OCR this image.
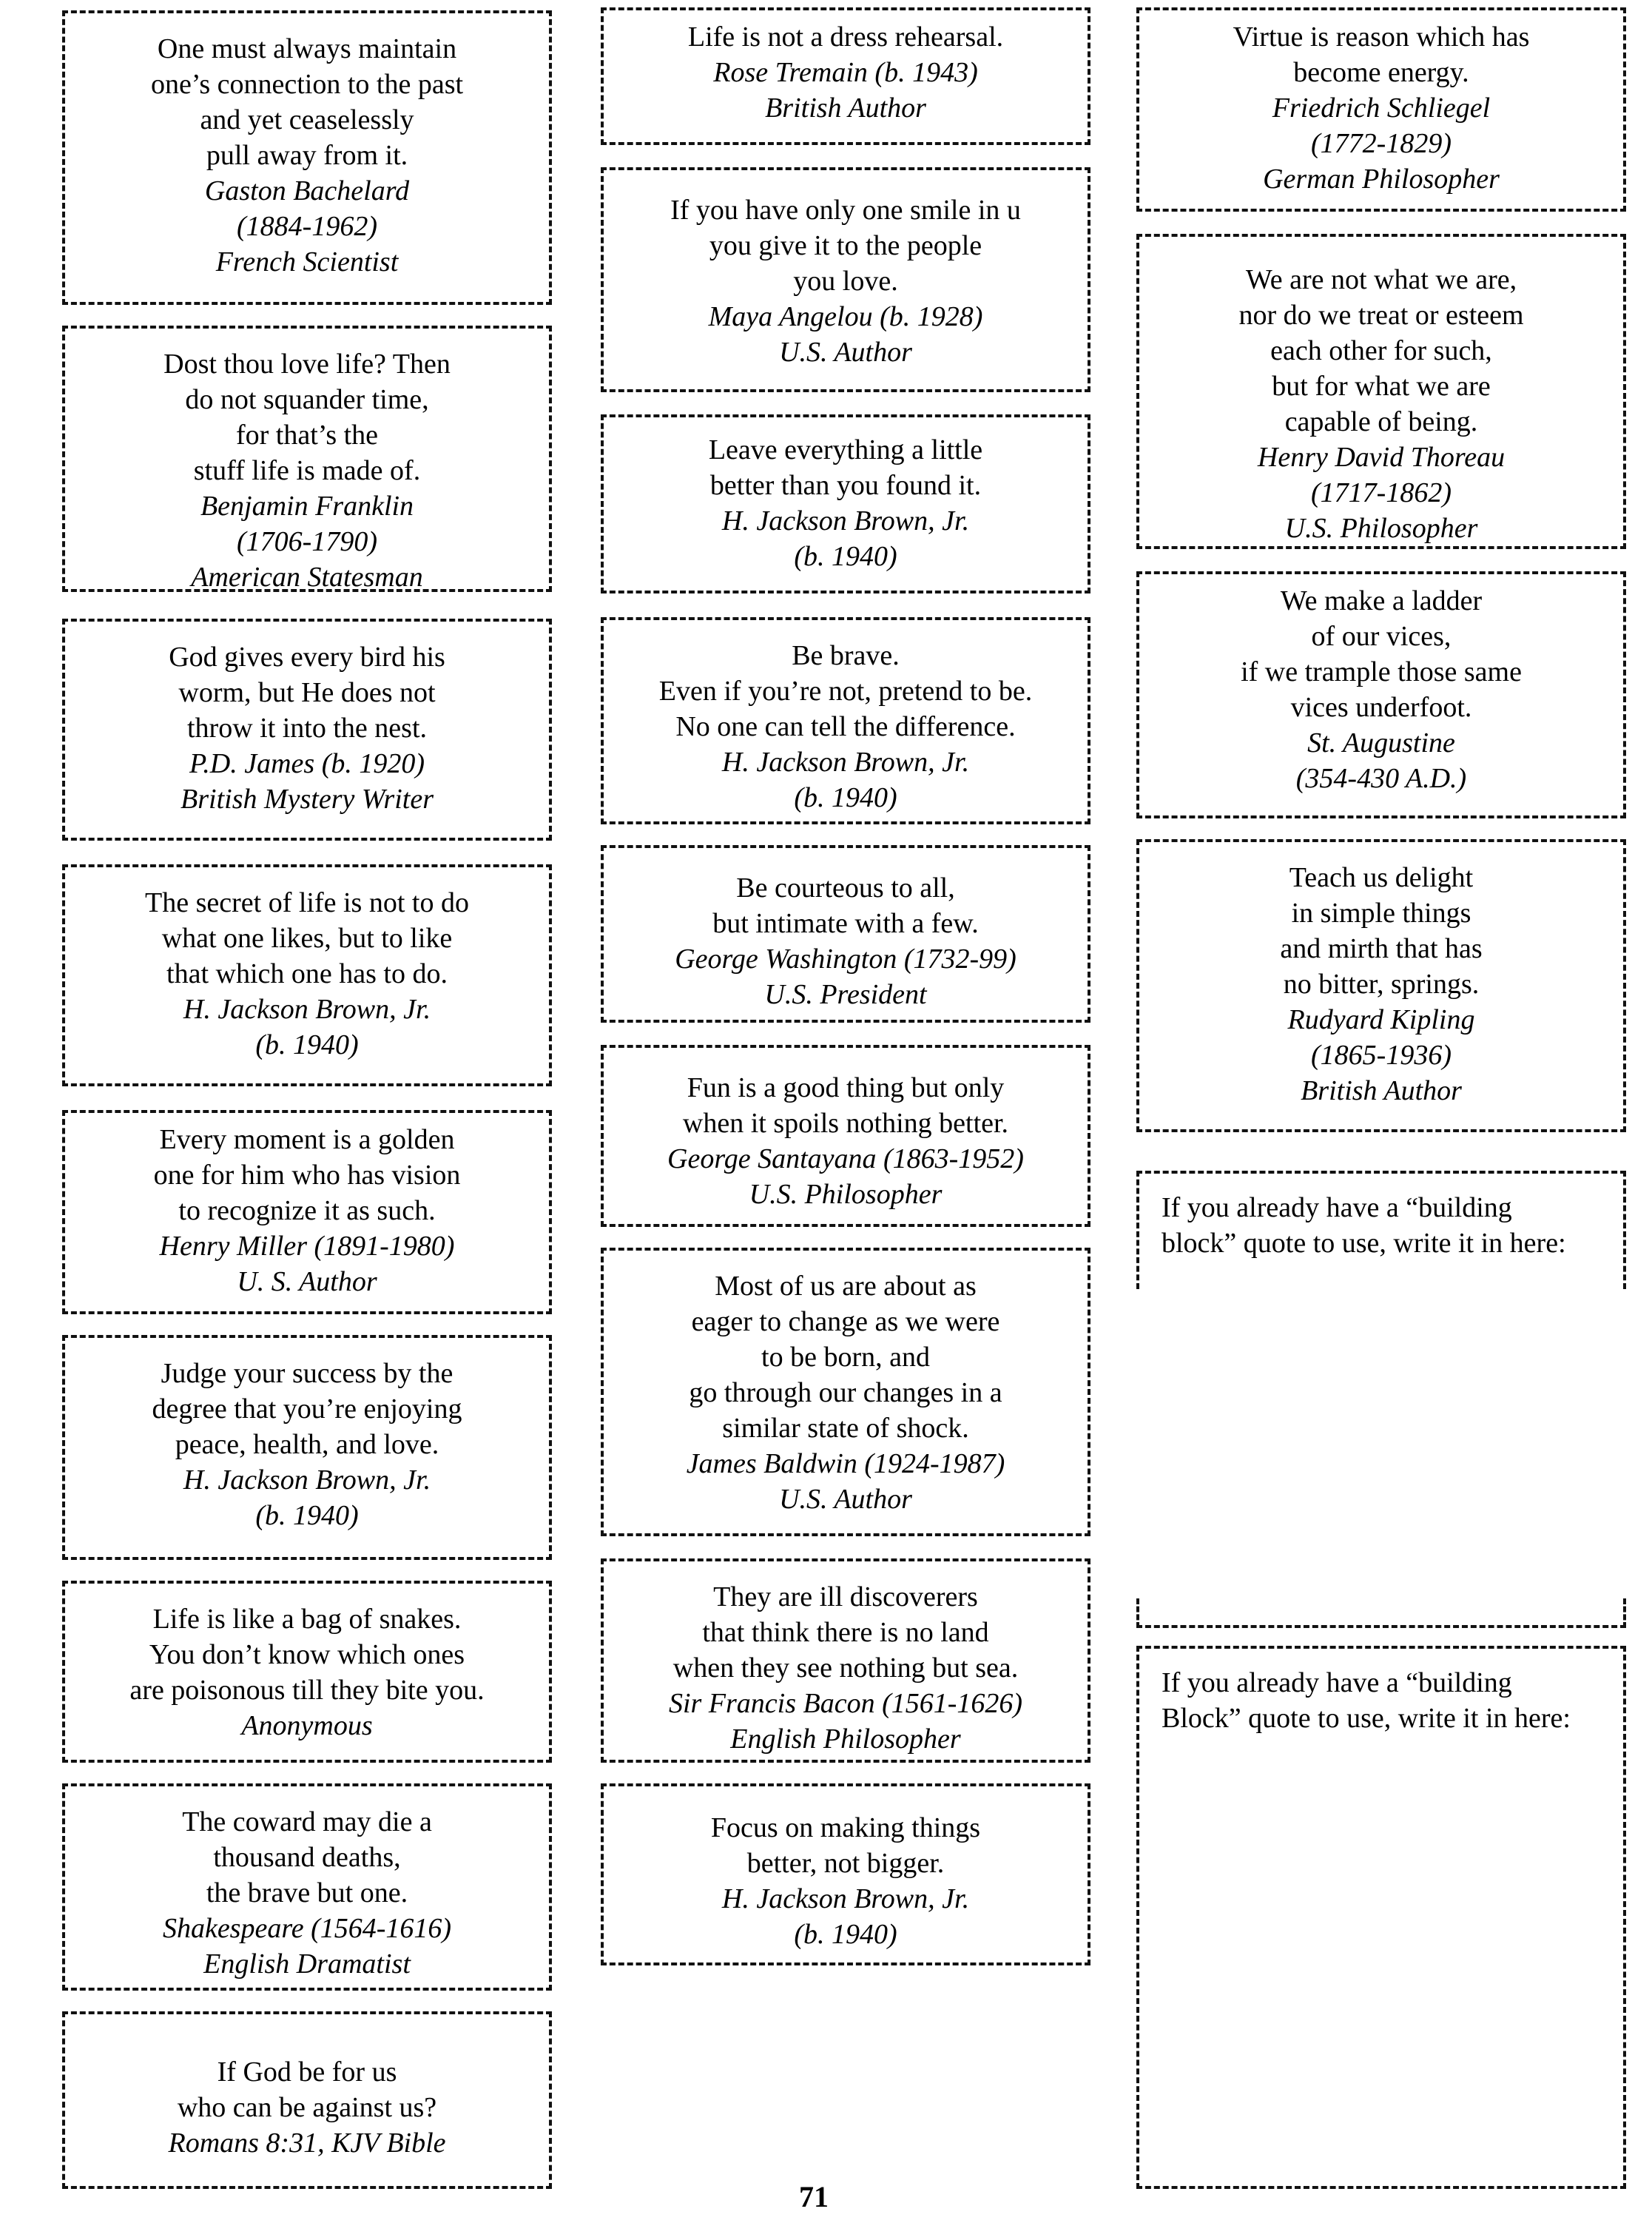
One must always maintain
one’s connection to the past
and yet ceaselessly
pull away from it.
Gaston Bachelard
(1884-1962)
French Scientist
Dost thou love life? Then
do not squander time,
for that’s the
stuff life is made of.
Benjamin Franklin
(1706-1790)
American Statesman
God gives every bird his
worm, but He does not
throw it into the nest.
P.D. James (b. 1920)
British Mystery Writer
The secret of life is not to do
what one likes, but to like
that which one has to do.
H. Jackson Brown, Jr.
(b. 1940)
Every moment is a golden
one for him who has vision
to recognize it as such.
Henry Miller (1891-1980)
U. S. Author
Judge your success by the
degree that you’re enjoying
peace, health, and love.
H. Jackson Brown, Jr.
(b. 1940)
Life is like a bag of snakes.
You don’t know which ones
are poisonous till they bite you.
Anonymous
The coward may die a
thousand deaths,
the brave but one.
Shakespeare (1564-1616)
English Dramatist
If God be for us
who can be against us?
Romans 8:31, KJV Bible
Life is not a dress rehearsal.
Rose Tremain (b. 1943)
British Author
If you have only one smile in u
you give it to the people
you love.
Maya Angelou (b. 1928)
U.S. Author
Leave everything a little
better than you found it.
H. Jackson Brown, Jr.
(b. 1940)
Be brave.
Even if you’re not, pretend to be.
No one can tell the difference.
H. Jackson Brown, Jr.
(b. 1940)
Be courteous to all,
but intimate with a few.
George Washington (1732-99)
U.S. President
Fun is a good thing but only
when it spoils nothing better.
George Santayana (1863-1952)
U.S. Philosopher
Most of us are about as
eager to change as we were
to be born, and
go through our changes in a
similar state of shock.
James Baldwin (1924-1987)
U.S. Author
They are ill discoverers
that think there is no land
when they see nothing but sea.
Sir Francis Bacon (1561-1626)
English Philosopher
Focus on making things
better, not bigger.
H. Jackson Brown, Jr.
(b. 1940)
Virtue is reason which has
become energy.
Friedrich Schliegel
(1772-1829)
German Philosopher
We are not what we are,
nor do we treat or esteem
each other for such,
but for what we are
capable of being.
Henry David Thoreau
(1717-1862)
U.S. Philosopher
We make a ladder
of our vices,
if we trample those same
vices underfoot.
St. Augustine
(354-430 A.D.)
Teach us delight
in simple things
and mirth that has
no bitter, springs.
Rudyard Kipling
(1865-1936)
British Author
If you already have a “building
block” quote to use, write it in here:
If you already have a “building
Block” quote to use, write it in here:
71
